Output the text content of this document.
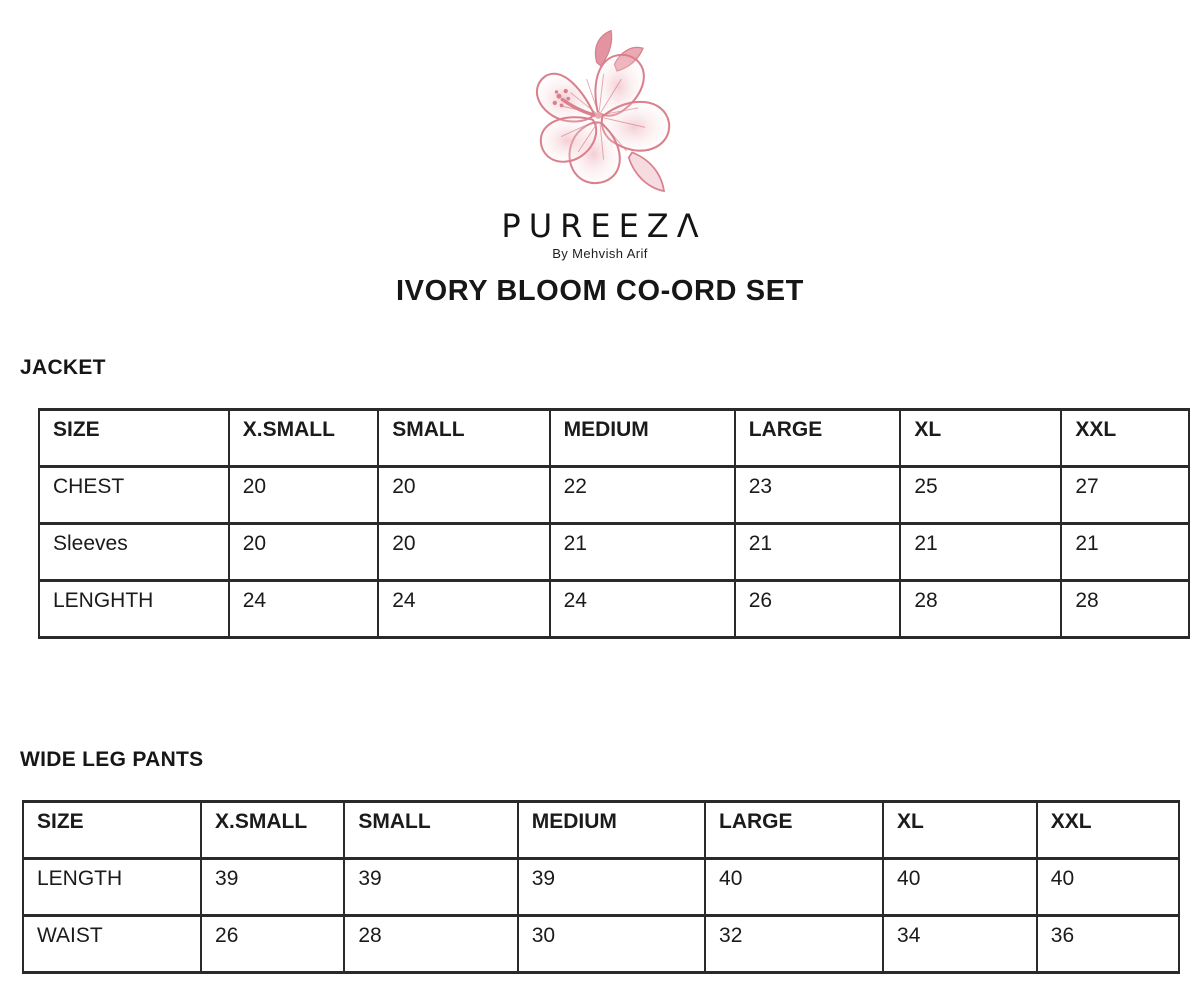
PUREEZΛ
By Mehvish Arif
IVORY BLOOM CO-ORD SET
JACKET
SIZE	X.SMALL	SMALL	MEDIUM	LARGE	XL	XXL
CHEST	20	20	22	23	25	27
Sleeves	20	20	21	21	21	21
LENGHTH	24	24	24	26	28	28
WIDE LEG PANTS
SIZE	X.SMALL	SMALL	MEDIUM	LARGE	XL	XXL
LENGTH	39	39	39	40	40	40
WAIST	26	28	30	32	34	36
